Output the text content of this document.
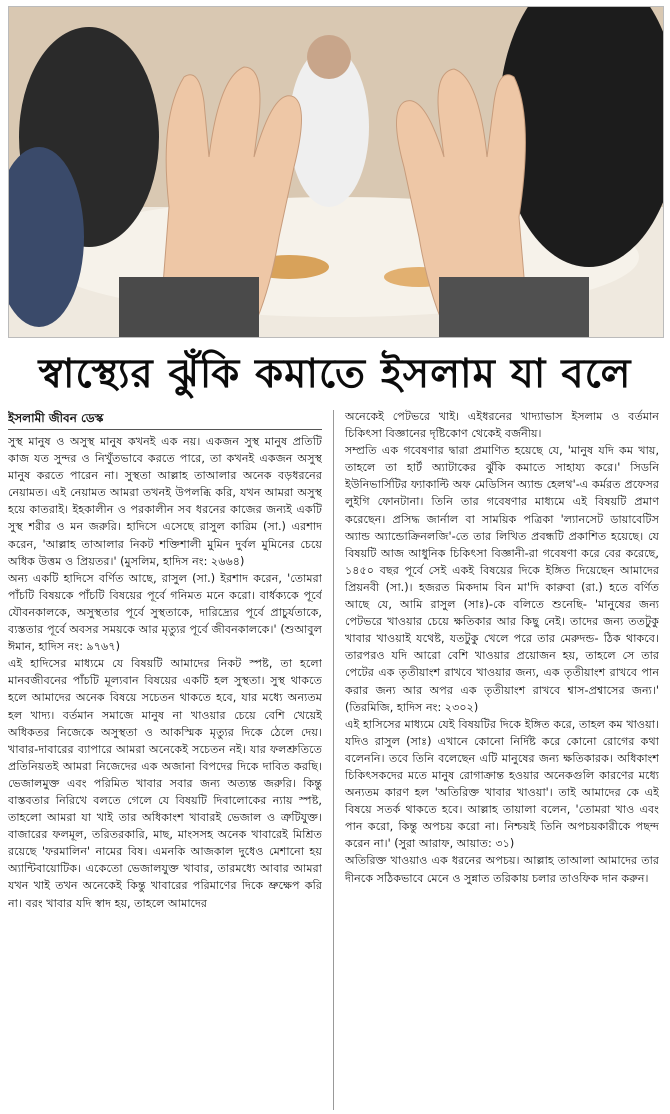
স্বাস্থ্যের ঝুঁকি কমাতে ইসলাম যা বলে
ইসলামী জীবন ডেস্ক

সুস্থ মানুষ ও অসুস্থ মানুষ কখনই এক নয়। একজন সুস্থ মানুষ প্রতিটি কাজ যত সুন্দর ও নিখুঁতভাবে করতে পারে, তা কখনই একজন অসুস্থ মানুষ করতে পারেন না। সুস্থতা আল্লাহ তাআলার অনেক বড়ধরনের নেয়ামত। এই নেয়ামত আমরা তখনই উপলব্ধি করি, যখন আমরা অসুস্থ হয়ে কাতরাই। ইহকালীন ও পরকালীন সব ধরনের কাজের জন্যই একটি সুস্থ শরীর ও মন জরুরি। হাদিসে এসেছে রাসুল কারিম (সা.) এরশাদ করেন, 'আল্লাহ তাআলার নিকট শক্তিশালী মুমিন দুর্বল মুমিনের চেয়ে অধিক উত্তম ও প্রিয়তর।' (মুসলিম, হাদিস নং: ২৬৬৪)

অন্য একটি হাদিসে বর্ণিত আছে, রাসুল (সা.) ইরশাদ করেন, 'তোমরা পাঁচটি বিষয়কে পাঁচটি বিষয়ের পূর্বে গনিমত মনে করো। বার্ধক্যকে পূর্বে যৌবনকালকে, অসুস্থতার পূর্বে সুস্থতাকে, দারিদ্র্যের পূর্বে প্রাচুর্যতাকে, ব্যস্ততার পূর্বে অবসর সময়কে আর মৃত্যুর পূর্বে জীবনকালকে।' (শুআবুল ঈমান, হাদিস নং: ৯৭৬৭)

এই হাদিসের মাধ্যমে যে বিষয়টি আমাদের নিকট স্পষ্ট, তা হলো মানবজীবনের পাঁচটি মূল্যবান বিষয়ের একটি হল সুস্থতা। সুস্থ থাকতে হলে আমাদের অনেক বিষয়ে সচেতন থাকতে হবে, যার মধ্যে অন্যতম হল খাদ্য। বর্তমান সমাজে মানুষ না খাওয়ার চেয়ে বেশি খেয়েই অধিকতর নিজেকে অসুস্থতা ও আকস্মিক মৃত্যুর দিকে ঠেলে দেয়। খাবার-দাবারের ব্যাপারে আমরা অনেকেই সচেতন নই। যার ফলশ্রুতিতে প্রতিনিয়তই আমরা নিজেদের এক অজানা বিপদের দিকে দাবিত করছি। ভেজালমুক্ত এবং পরিমিত খাবার সবার জন্য অত্যন্ত জরুরি। কিন্তু বাস্তবতার নিরিখে বলতে গেলে যে বিষয়টি দিবালোকের ন্যায় স্পষ্ট, তাহলো আমরা যা খাই তার অধিকাংশ খাবারই ভেজাল ও ত্রুটিযুক্ত। বাজারের ফলমূল, তরিতরকারি, মাছ, মাংসসহ অনেক খাবারেই মিশ্রিত রয়েছে 'ফরমালিন' নামের বিষ। এমনকি আজকাল দুধেও মেশানো হয় অ্যান্টিবায়োটিক। একেতো ভেজালযুক্ত খাবার, তারমধ্যে আবার আমরা যখন খাই তখন অনেকেই কিন্তু খাবারের পরিমাণের দিকে ভ্রুক্ষেপ করি না। বরং খাবার যদি স্বাদ হয়, তাহলে আমাদের

অনেকেই পেটভরে খাই। এইধরনের খাদ্যাভাস ইসলাম ও বর্তমান চিকিৎসা বিজ্ঞানের দৃষ্টিকোণ থেকেই বর্জনীয়।

সম্প্রতি এক গবেষণার দ্বারা প্রমাণিত হয়েছে যে, 'মানুষ যদি কম খায়, তাহলে তা হার্ট অ্যাটাকের ঝুঁকি কমাতে সাহায্য করে।' সিডনি ইউনিভার্সিটির ফ্যাকাল্টি অফ মেডিসিন অ্যান্ড হেলথ'-এ কর্মরত প্রফেসর লুইগি ফোনটানা। তিনি তার গবেষণার মাধ্যমে এই বিষয়টি প্রমাণ করেছেন। প্রসিদ্ধ জার্নাল বা সাময়িক পত্রিকা 'ল্যানসেট ডায়াবেটিস অ্যান্ড অ্যান্ডোক্রিনলজি'-তে তার লিখিত প্রবন্ধটি প্রকাশিত হয়েছে। যে বিষয়টি আজ আধুনিক চিকিৎসা বিজ্ঞানী-রা গবেষণা করে বের করেছে, ১৪৫০ বছর পূর্বে সেই একই বিষয়ের দিকে ইঙ্গিত দিয়েছেন আমাদের প্রিয়নবী (সা.)। হজরত মিকদাম বিন মা'দি কারুবা (রা.) হতে বর্ণিত আছে যে, আমি রাসুল (সাঃ)-কে বলিতে শুনেছি- 'মানুষের জন্য পেটভরে খাওয়ার চেয়ে ক্ষতিকার আর কিছু নেই। তাদের জন্য ততটুকু খাবার খাওয়াই যথেষ্ট, যতটুকু খেলে পরে তার মেরুদন্ড- ঠিক থাকবে। তারপরও যদি আরো বেশি খাওয়ার প্রয়োজন হয়, তাহলে সে তার পেটের এক তৃতীয়াংশ রাখবে খাওয়ার জন্য, এক তৃতীয়াংশ রাখবে পান করার জন্য আর অপর এক তৃতীয়াংশ রাখবে শ্বাস-প্রশ্বাসের জন্য।' (তিরমিজি, হাদিস নং: ২৩০২)

এই হাসিসের মাধ্যমে যেই বিষয়টির দিকে ইঙ্গিত করে, তাহল কম খাওয়া। যদিও রাসুল (সাঃ) এখানে কোনো নির্দিষ্ট করে কোনো রোগের কথা বলেননি। তবে তিনি বলেছেন এটি মানুষের জন্য ক্ষতিকারক। অধিকাংশ চিকিৎসকদের মতে মানুষ রোগাক্রান্ত হওয়ার অনেকগুলি কারণের মধ্যে অন্যতম কারণ হল 'অতিরিক্ত খাবার খাওয়া'। তাই আমাদের কে এই বিষয়ে সতর্ক থাকতে হবে। আল্লাহ তায়ালা বলেন, 'তোমরা খাও এবং পান করো, কিন্তু অপচয় করো না। নিশ্চয়ই তিনি অপচয়কারীকে পছন্দ করেন না।' (সুরা আরাফ, আয়াত: ৩১)

অতিরিক্ত খাওয়াও এক ধরনের অপচয়। আল্লাহ তাআলা আমাদের তার দীনকে সঠিকভাবে মেনে ও সুন্নাত তরিকায় চলার তাওফিক দান করুন।
